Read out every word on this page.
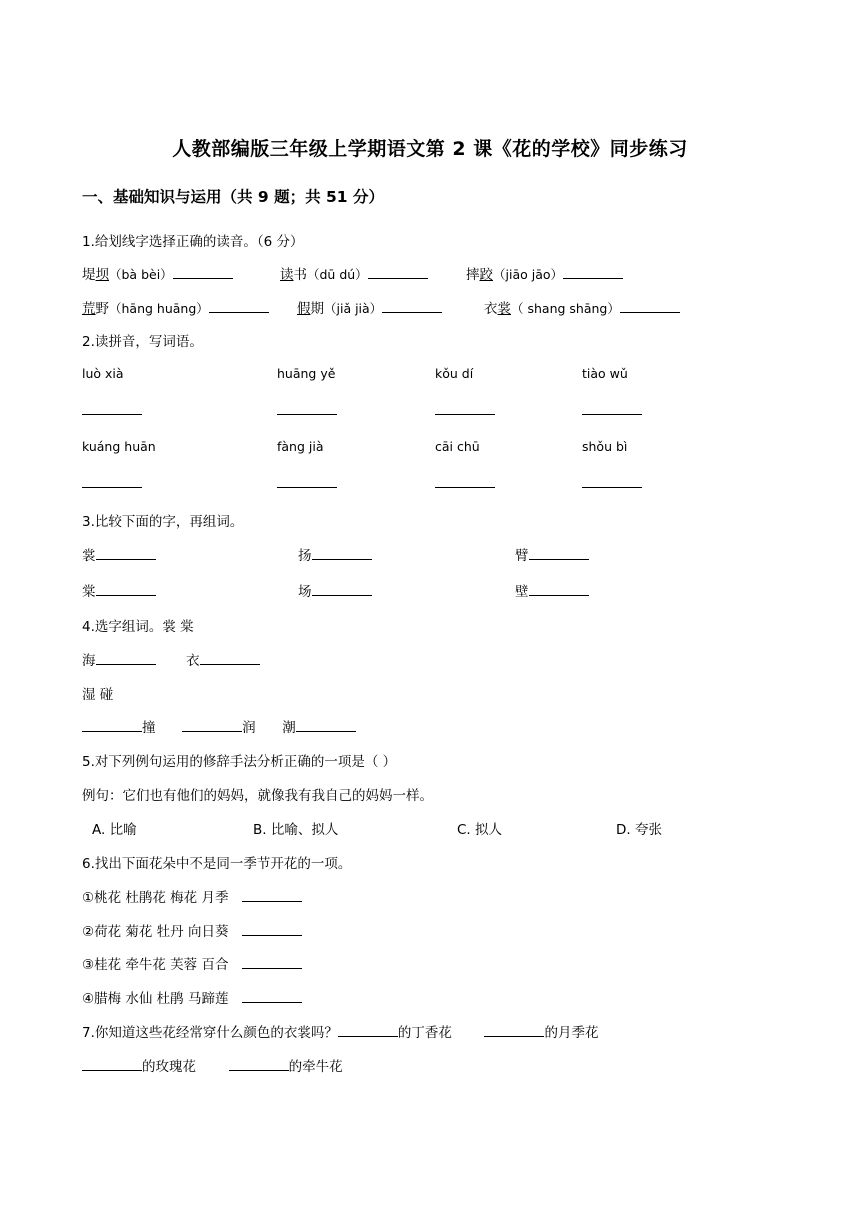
人教部编版三年级上学期语文第 2 课《花的学校》同步练习
一、基础知识与运用（共 9 题；共 51 分）
1.给划线字选择正确的读音。（6 分）
堤坝（bà bèi）	读书（dū dú）	摔跤（jiāo jāo）
荒野（hāng huāng）	假期（jiǎ jià）	衣裳（ shang shāng）
2.读拼音，写词语。
luò xià	huāng yě	kǒu dí	tiào wǔ
kuáng huān	fàng jià	cāi chū	shǒu bì
3.比较下面的字，再组词。
裳	扬	臂
棠	场	壁
4.选字组词。裳 棠
海	衣
湿 碰
撞	润 潮
5.对下列例句运用的修辞手法分析正确的一项是（ ）
例句：它们也有他们的妈妈，就像我有我自己的妈妈一样。
A. 比喻	B. 比喻、拟人	C. 拟人	D. 夸张
6.找出下面花朵中不是同一季节开花的一项。
①桃花 杜鹃花 梅花 月季
②荷花 菊花 牡丹 向日葵
③桂花 牵牛花 芙蓉 百合
④腊梅 水仙 杜鹃 马蹄莲
7.你知道这些花经常穿什么颜色的衣裳吗？	的丁香花	的月季花
的玫瑰花	的牵牛花
